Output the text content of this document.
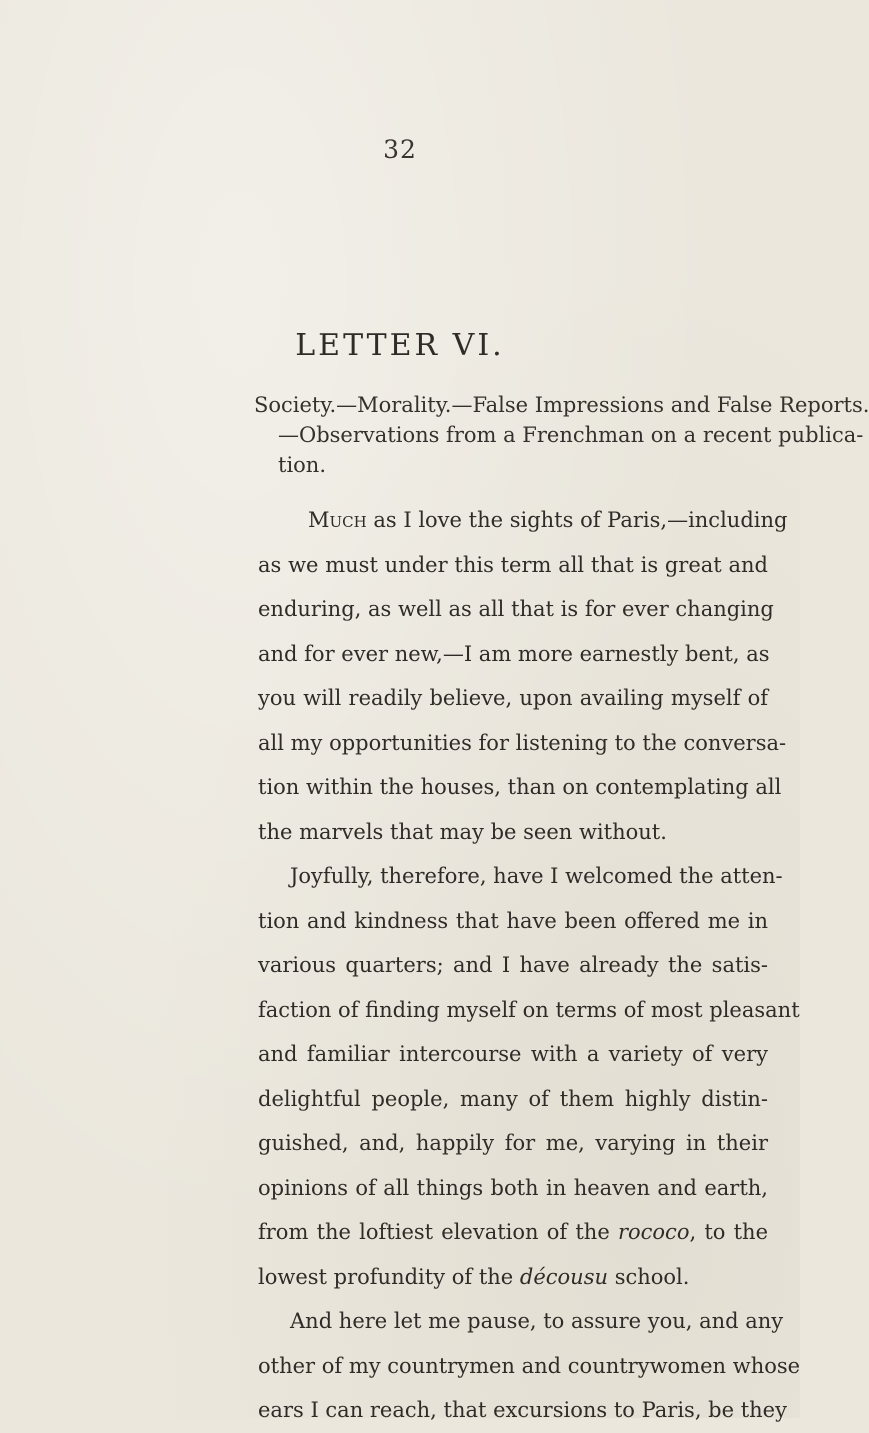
32
LETTER VI.
Society.—Morality.—False Impressions and False Reports.
—Observations from a Frenchman on a recent publica-
tion.
Much as I love the sights of Paris,—including
as we must under this term all that is great and
enduring, as well as all that is for ever changing
and for ever new,—I am more earnestly bent, as
you will readily believe, upon availing myself of
all my opportunities for listening to the conversa-
tion within the houses, than on contemplating all
the marvels that may be seen without.
Joyfully, therefore, have I welcomed the atten-
tion and kindness that have been offered me in
various quarters; and I have already the satis-
faction of finding myself on terms of most pleasant
and familiar intercourse with a variety of very
delightful people, many of them highly distin-
guished, and, happily for me, varying in their
opinions of all things both in heaven and earth,
from the loftiest elevation of the rococo, to the
lowest profundity of the décousu school.
And here let me pause, to assure you, and any
other of my countrymen and countrywomen whose
ears I can reach, that excursions to Paris, be they
